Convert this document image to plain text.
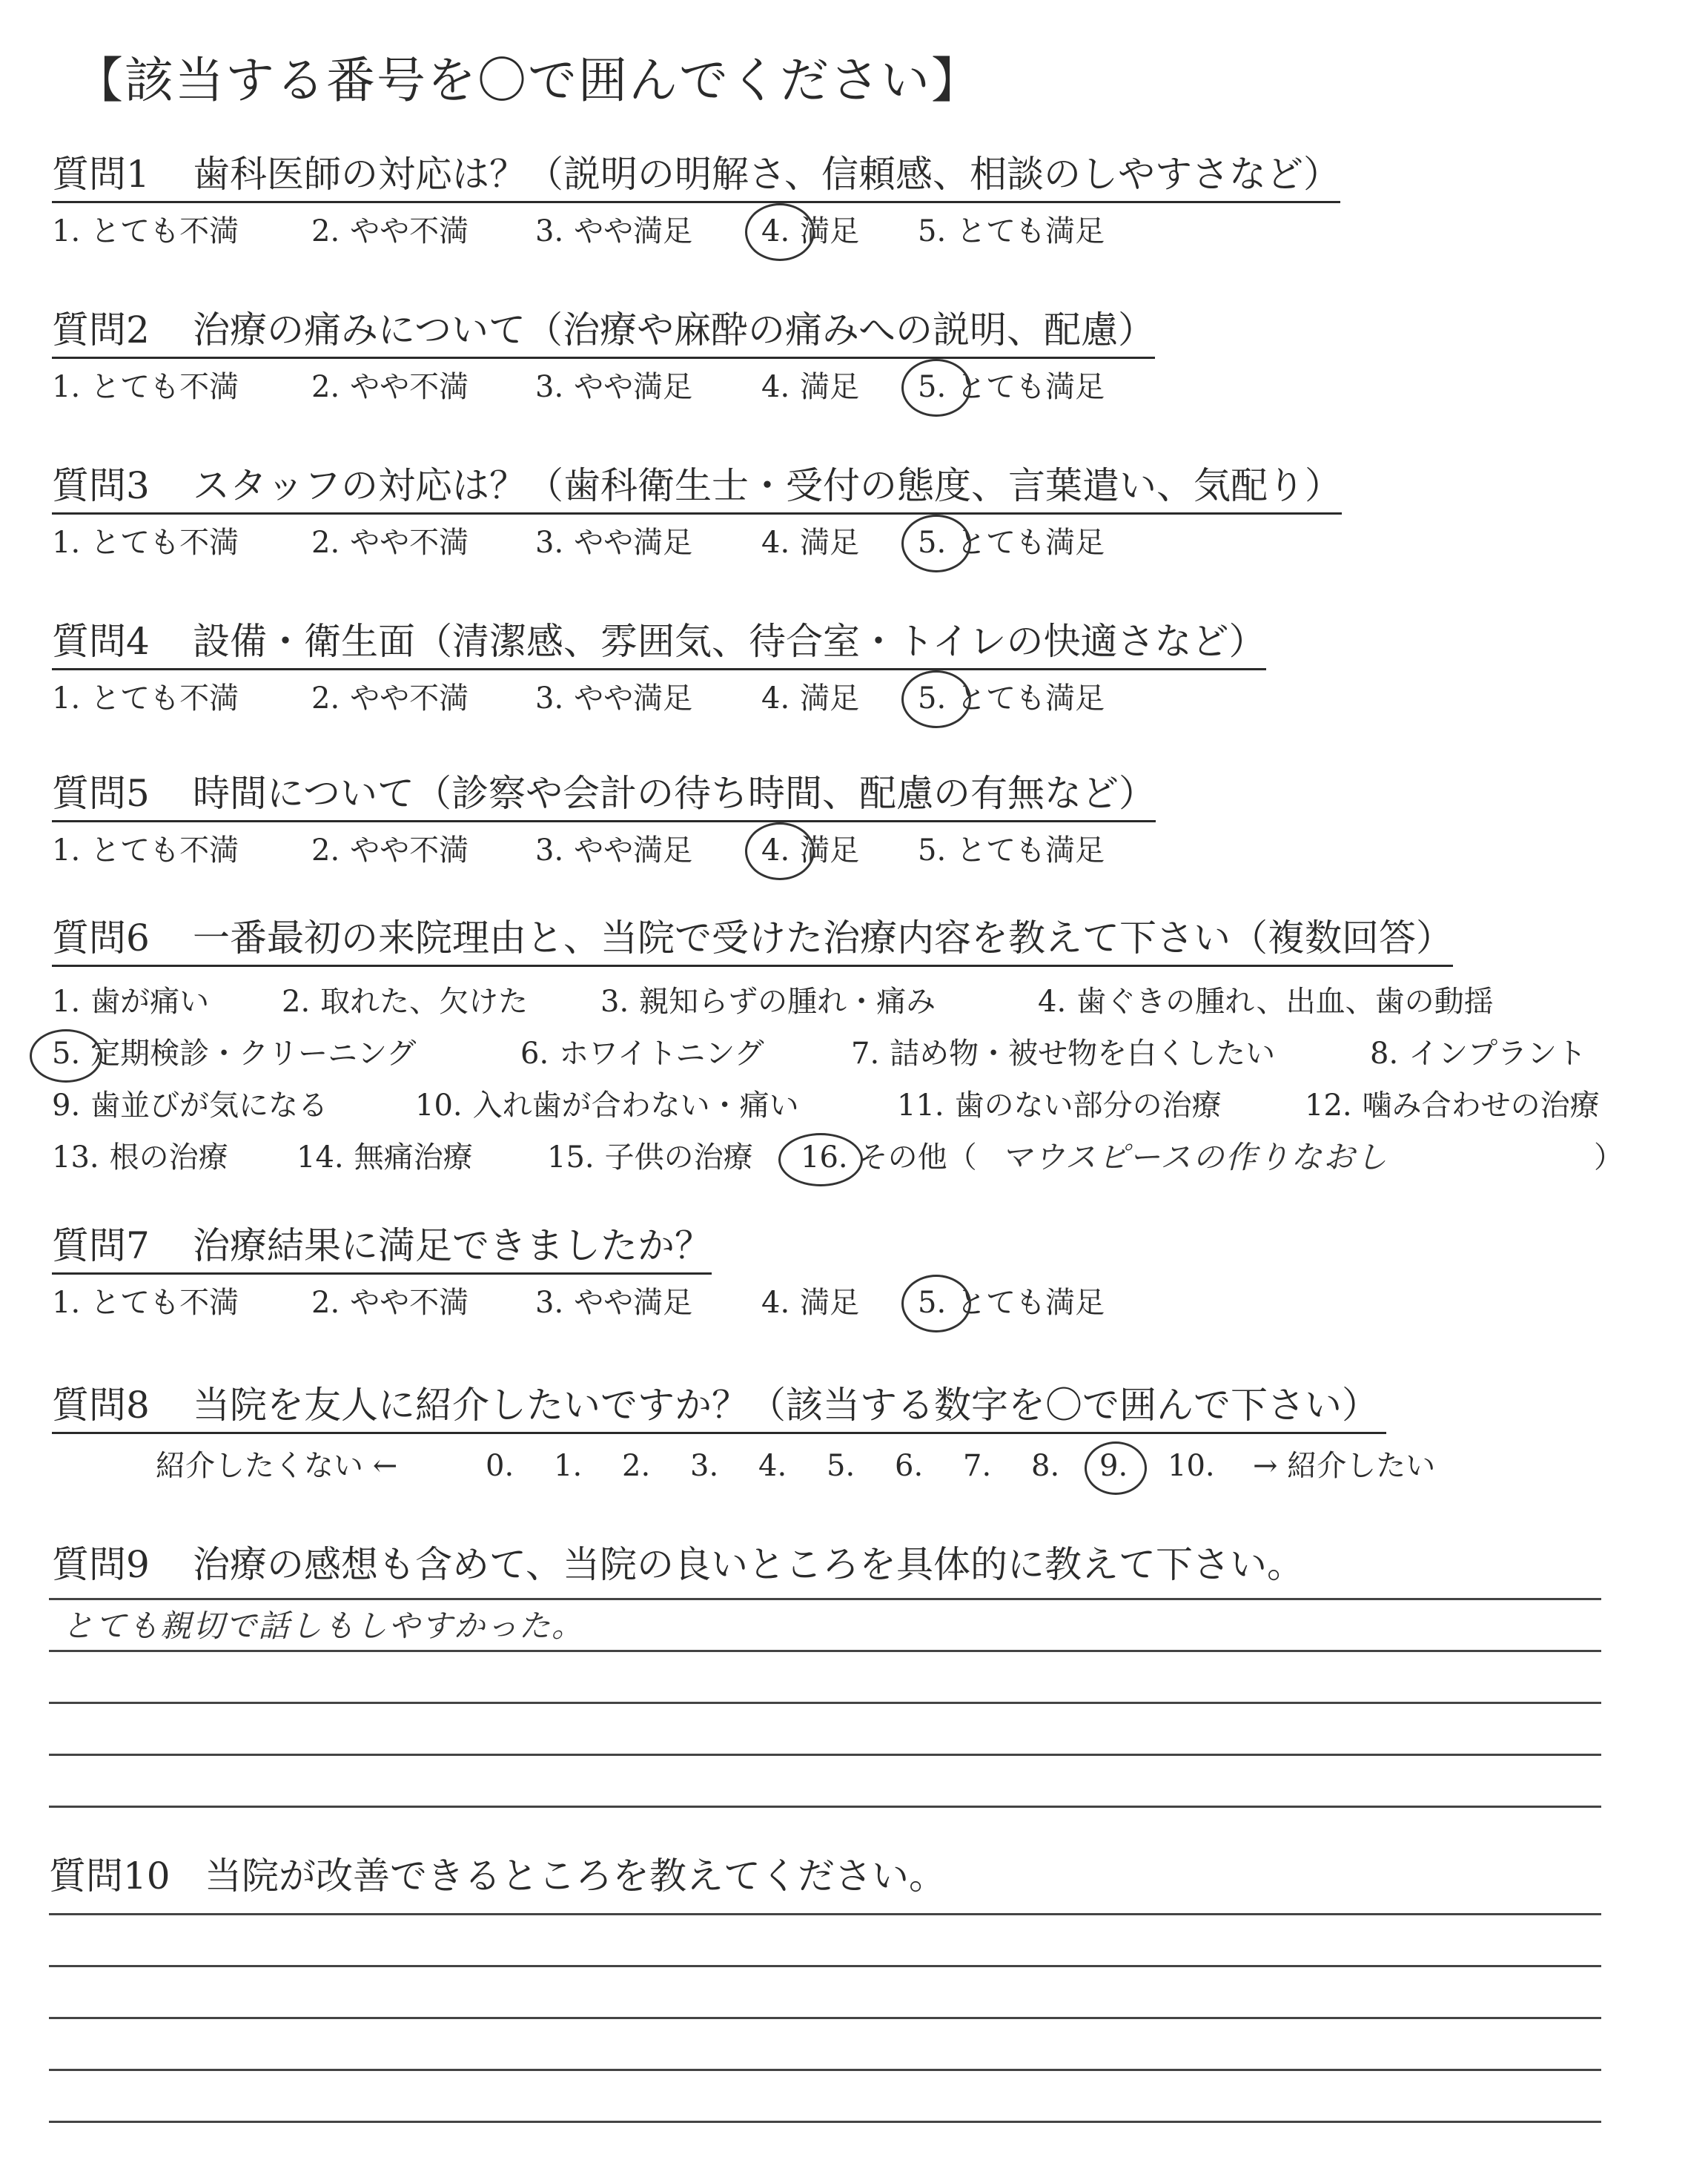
【該当する番号を〇で囲んでください】
質問1 歯科医師の対応は？（説明の明解さ、信頼感、相談のしやすさなど）
1. とても不満 2. やや不満 3. やや満足 4. 満足 5. とても満足
質問2 治療の痛みについて（治療や麻酔の痛みへの説明、配慮）
1. とても不満 2. やや不満 3. やや満足 4. 満足 5. とても満足
質問3 スタッフの対応は？（歯科衛生士・受付の態度、言葉遣い、気配り）
1. とても不満 2. やや不満 3. やや満足 4. 満足 5. とても満足
質問4 設備・衛生面（清潔感、雰囲気、待合室・トイレの快適さなど）
1. とても不満 2. やや不満 3. やや満足 4. 満足 5. とても満足
質問5 時間について（診察や会計の待ち時間、配慮の有無など）
1. とても不満 2. やや不満 3. やや満足 4. 満足 5. とても満足
質問6 一番最初の来院理由と、当院で受けた治療内容を教えて下さい（複数回答）
1. 歯が痛い 2. 取れた、欠けた 3. 親知らずの腫れ・痛み	4. 歯ぐきの腫れ、出血、歯の動揺
5. 定期検診・クリーニング	6. ホワイトニング	7. 詰め物・被せ物を白くしたい	8. インプラント
9. 歯並びが気になる	10. 入れ歯が合わない・痛い	11. 歯のない部分の治療	12. 噛み合わせの治療
13. 根の治療 14. 無痛治療	15. 子供の治療 16. その他（ マウスピースの作りなおし	）
質問7 治療結果に満足できましたか？
1. とても不満 2. やや不満 3. やや満足 4. 満足 5. とても満足
質問8 当院を友人に紹介したいですか？（該当する数字を〇で囲んで下さい）
紹介したくない ←	0. 1. 2. 3. 4. 5. 6. 7. 8. 9. 10. → 紹介したい
質問9 治療の感想も含めて、当院の良いところを具体的に教えて下さい。
とても親切で話しもしやすかった。
質問10 当院が改善できるところを教えてください。
